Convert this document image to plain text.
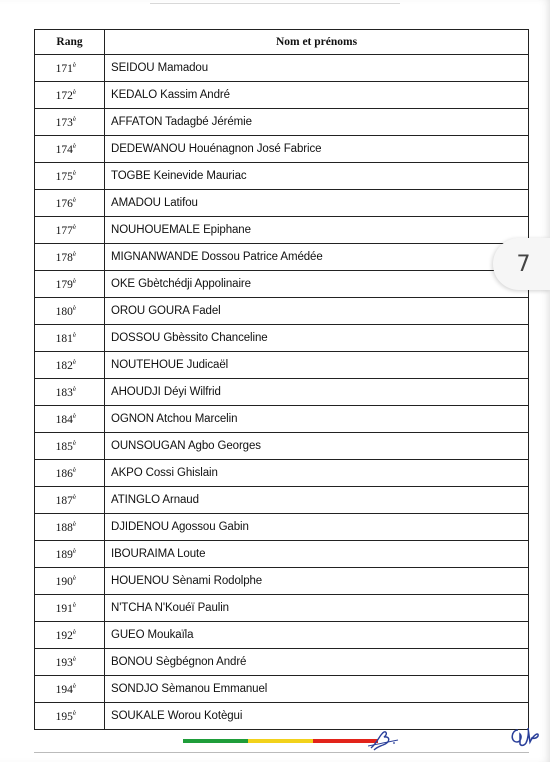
Rang	Nom et prénoms
$171^è$	SEIDOU Mamadou
$172^è$	KEDALO Kassim André
$173^è$	AFFATON Tadagbé Jérémie
$174^è$	DEDEWANOU Houénagnon José Fabrice
$175^è$	TOGBE Keinevide Mauriac
$176^è$	AMADOU Latifou
$177^è$	NOUHOUEMALE Epiphane
$178^è$	MIGNANWANDE Dossou Patrice Amédée
$179^è$	OKE Gbètchédji Appolinaire
$180^è$	OROU GOURA Fadel
$181^è$	DOSSOU Gbèssito Chanceline
$182^è$	NOUTEHOUE Judicaël
$183^è$	AHOUDJI Déyi Wilfrid
$184^è$	OGNON Atchou Marcelin
$185^è$	OUNSOUGAN Agbo Georges
$186^è$	AKPO Cossi Ghislain
$187^è$	ATINGLO Arnaud
$188^è$	DJIDENOU Agossou Gabin
$189^è$	IBOURAIMA Loute
$190^è$	HOUENOU Sènami Rodolphe
$191^è$	N'TCHA N'Kouéї Paulin
$192^è$	GUEO Moukaïla
$193^è$	BONOU Sègbégnon André
$194^è$	SONDJO Sèmanou Emmanuel
$195^è$	SOUKALE Worou Kotègui
7
